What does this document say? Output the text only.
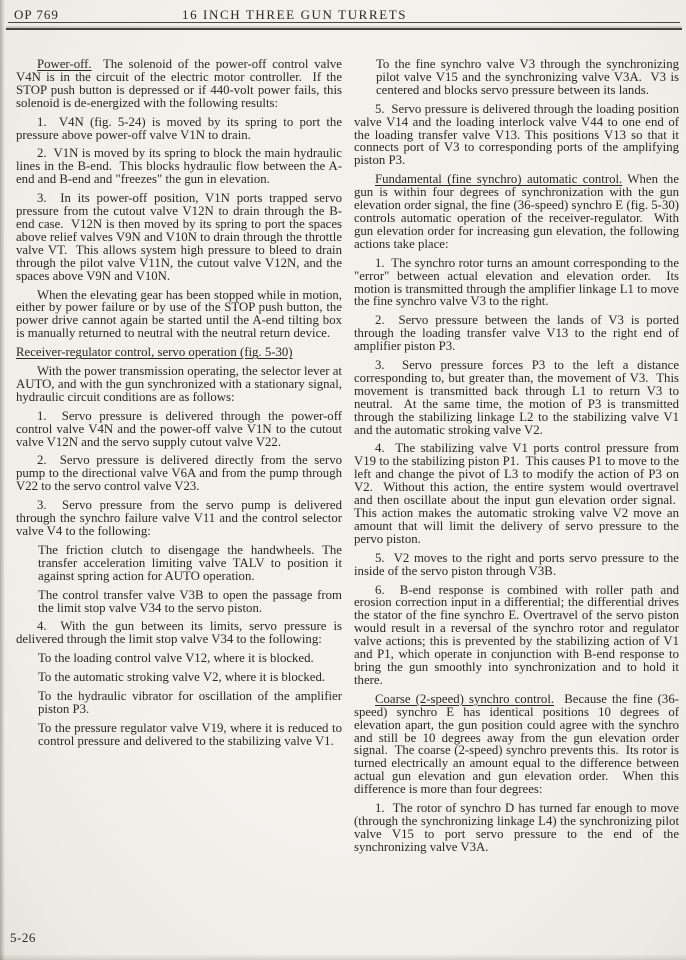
OP 769	16 INCH THREE GUN TURRETS

Power-off.  The solenoid of the power-off control valve V4N is in the circuit of the electric motor controller.  If the STOP push button is depressed or if 440-volt power fails, this solenoid is de-energized with the following results:

1.  V4N (fig. 5-24) is moved by its spring to port the pressure above power-off valve V1N to drain.

2.  V1N is moved by its spring to block the main hydraulic lines in the B-end.  This blocks hydraulic flow between the A-end and B-end and "freezes" the gun in elevation.

3.  In its power-off position, V1N ports trapped servo pressure from the cutout valve V12N to drain through the B-end case.  V12N is then moved by its spring to port the spaces above relief valves V9N and V10N to drain through the throttle valve VT.  This allows system high pressure to bleed to drain through the pilot valve V11N, the cutout valve V12N, and the spaces above V9N and V10N.

When the elevating gear has been stopped while in motion, either by power failure or by use of the STOP push button, the power drive cannot again be started until the A-end tilting box is manually returned to neutral with the neutral return device.

Receiver-regulator control, servo operation (fig. 5-30)

With the power transmission operating, the selector lever at AUTO, and with the gun synchronized with a stationary signal, hydraulic circuit conditions are as follows:

1.  Servo pressure is delivered through the power-off control valve V4N and the power-off valve V1N to the cutout valve V12N and the servo supply cutout valve V22.

2.  Servo pressure is delivered directly from the servo pump to the directional valve V6A and from the pump through V22 to the servo control valve V23.

3.  Servo pressure from the servo pump is delivered through the synchro failure valve V11 and the control selector valve V4 to the following:

The friction clutch to disengage the handwheels. The transfer acceleration limiting valve TALV to position it against spring action for AUTO operation.

The control transfer valve V3B to open the passage from the limit stop valve V34 to the servo piston.

4.  With the gun between its limits, servo pressure is delivered through the limit stop valve V34 to the following:

To the loading control valve V12, where it is blocked.

To the automatic stroking valve V2, where it is blocked.

To the hydraulic vibrator for oscillation of the amplifier piston P3.

To the pressure regulator valve V19, where it is reduced to control pressure and delivered to the stabilizing valve V1.

To the fine synchro valve V3 through the synchronizing pilot valve V15 and the synchronizing valve V3A.  V3 is centered and blocks servo pressure between its lands.

5.  Servo pressure is delivered through the loading position valve V14 and the loading interlock valve V44 to one end of the loading transfer valve V13. This positions V13 so that it connects port of V3 to corresponding ports of the amplifying piston P3.

Fundamental (fine synchro) automatic control. When the gun is within four degrees of synchronization with the gun elevation order signal, the fine (36-speed) synchro E (fig. 5-30) controls automatic operation of the receiver-regulator.  With gun elevation order for increasing gun elevation, the following actions take place:

1.  The synchro rotor turns an amount corresponding to the "error" between actual elevation and elevation order.  Its motion is transmitted through the amplifier linkage L1 to move the fine synchro valve V3 to the right.

2.  Servo pressure between the lands of V3 is ported through the loading transfer valve V13 to the right end of amplifier piston P3.

3.  Servo pressure forces P3 to the left a distance corresponding to, but greater than, the movement of V3.  This movement is transmitted back through L1 to return V3 to neutral.  At the same time, the motion of P3 is transmitted through the stabilizing linkage L2 to the stabilizing valve V1 and the automatic stroking valve V2.

4.  The stabilizing valve V1 ports control pressure from V19 to the stabilizing piston P1.  This causes P1 to move to the left and change the pivot of L3 to modify the action of P3 on V2.  Without this action, the entire system would overtravel and then oscillate about the input gun elevation order signal.  This action makes the automatic stroking valve V2 move an amount that will limit the delivery of servo pressure to the pervo piston.

5.  V2 moves to the right and ports servo pressure to the inside of the servo piston through V3B.

6.  B-end response is combined with roller path and erosion correction input in a differential; the differential drives the stator of the fine synchro E. Overtravel of the servo piston would result in a reversal of the synchro rotor and regulator valve actions; this is prevented by the stabilizing action of V1 and P1, which operate in conjunction with B-end response to bring the gun smoothly into synchronization and to hold it there.

Coarse (2-speed) synchro control.  Because the fine (36-speed) synchro E has identical positions 10 degrees of elevation apart, the gun position could agree with the synchro and still be 10 degrees away from the gun elevation order signal.  The coarse (2-speed) synchro prevents this.  Its rotor is turned electrically an amount equal to the difference between actual gun elevation and gun elevation order.  When this difference is more than four degrees:

1.  The rotor of synchro D has turned far enough to move (through the synchronizing linkage L4) the synchronizing pilot valve V15 to port servo pressure to the end of the synchronizing valve V3A.

5-26
